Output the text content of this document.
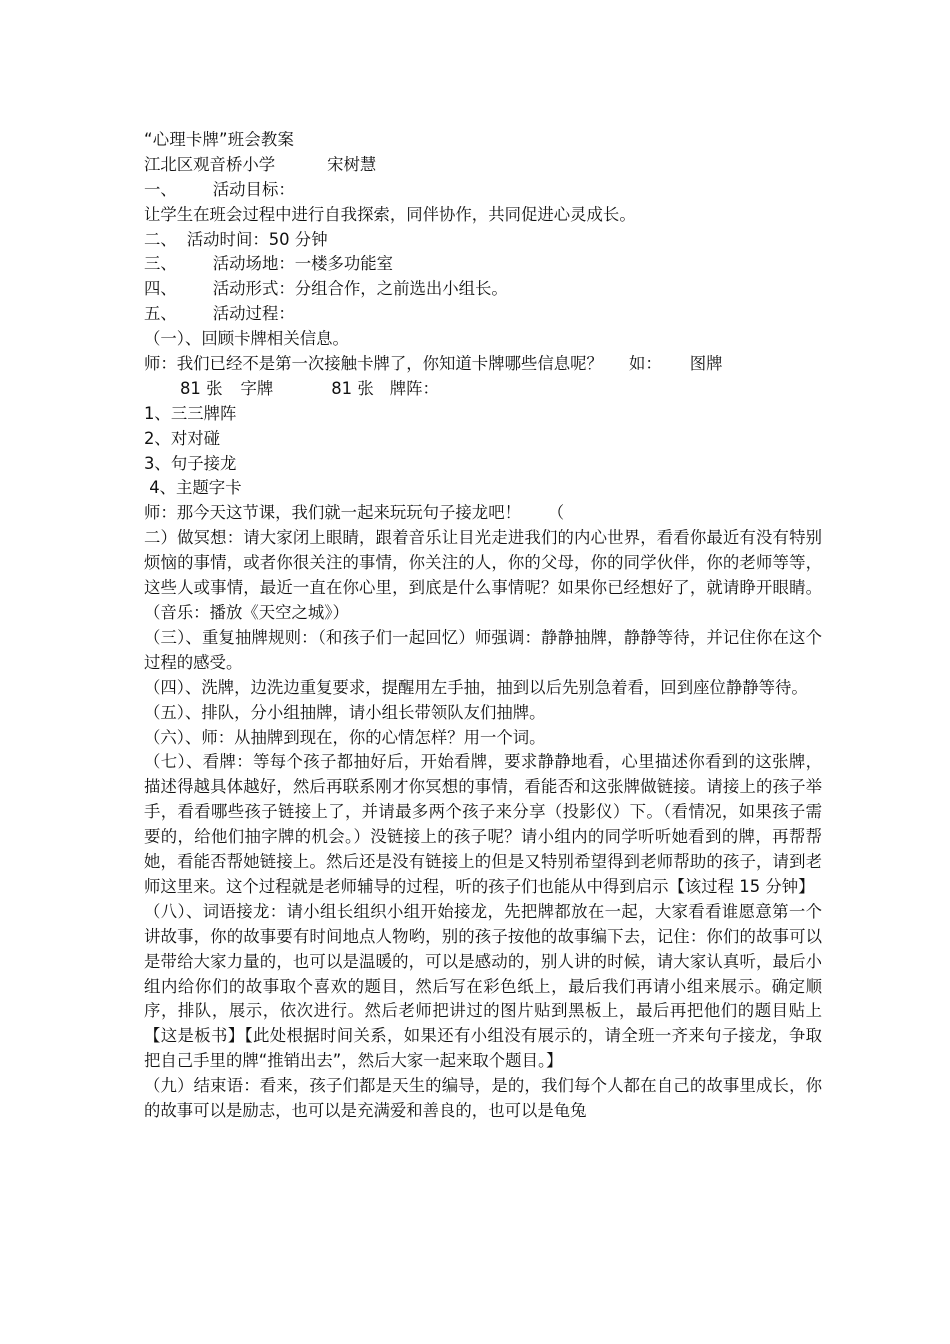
“心理卡牌”班会教案

江北区观音桥小学	宋树慧

一、 活动目标：

让学生在班会过程中进行自我探索，同伴协作，共同促进心灵成长。

二、 活动时间：50 分钟

三、 活动场地：一楼多功能室

四、 活动形式：分组合作，之前选出小组长。

五、 活动过程：

（一）、回顾卡牌相关信息。

师：我们已经不是第一次接触卡牌了，你知道卡牌哪些信息呢？ 如： 图牌

81 张 字牌	81 张 牌阵：

1、三三牌阵

2、对对碰

3、句子接龙

4、主题字卡

师：那今天这节课，我们就一起来玩玩句子接龙吧！　  （

二）做冥想：请大家闭上眼睛，跟着音乐让目光走进我们的内心世界，看看你最近有没有特别烦恼的事情，或者你很关注的事情，你关注的人，你的父母，你的同学伙伴，你的老师等等，这些人或事情，最近一直在你心里，到底是什么事情呢？如果你已经想好了，就请睁开眼睛。（音乐：播放《天空之城》）

（三）、重复抽牌规则：（和孩子们一起回忆）师强调：静静抽牌，静静等待，并记住你在这个过程的感受。

（四）、洗牌，边洗边重复要求，提醒用左手抽，抽到以后先别急着看，回到座位静静等待。

（五）、排队，分小组抽牌，请小组长带领队友们抽牌。

（六）、师：从抽牌到现在，你的心情怎样？用一个词。

（七）、看牌：等每个孩子都抽好后，开始看牌，要求静静地看，心里描述你看到的这张牌，描述得越具体越好，然后再联系刚才你冥想的事情，看能否和这张牌做链接。请接上的孩子举手，看看哪些孩子链接上了，并请最多两个孩子来分享（投影仪）下。（看情况，如果孩子需要的，给他们抽字牌的机会。）没链接上的孩子呢？请小组内的同学听听她看到的牌，再帮帮她，看能否帮她链接上。然后还是没有链接上的但是又特别希望得到老师帮助的孩子，请到老师这里来。这个过程就是老师辅导的过程，听的孩子们也能从中得到启示【该过程 15 分钟】

（八）、词语接龙：请小组长组织小组开始接龙，先把牌都放在一起，大家看看谁愿意第一个讲故事，你的故事要有时间地点人物哟，别的孩子按他的故事编下去，记住：你们的故事可以是带给大家力量的，也可以是温暖的，可以是感动的，别人讲的时候，请大家认真听，最后小组内给你们的故事取个喜欢的题目，然后写在彩色纸上，最后我们再请小组来展示。确定顺序，排队，展示，依次进行。然后老师把讲过的图片贴到黑板上，最后再把他们的题目贴上【这是板书】【此处根据时间关系，如果还有小组没有展示的，请全班一齐来句子接龙，争取把自己手里的牌“推销出去”，然后大家一起来取个题目。】

（九）结束语：看来，孩子们都是天生的编导，是的，我们每个人都在自己的故事里成长，你的故事可以是励志，也可以是充满爱和善良的，也可以是龟兔
